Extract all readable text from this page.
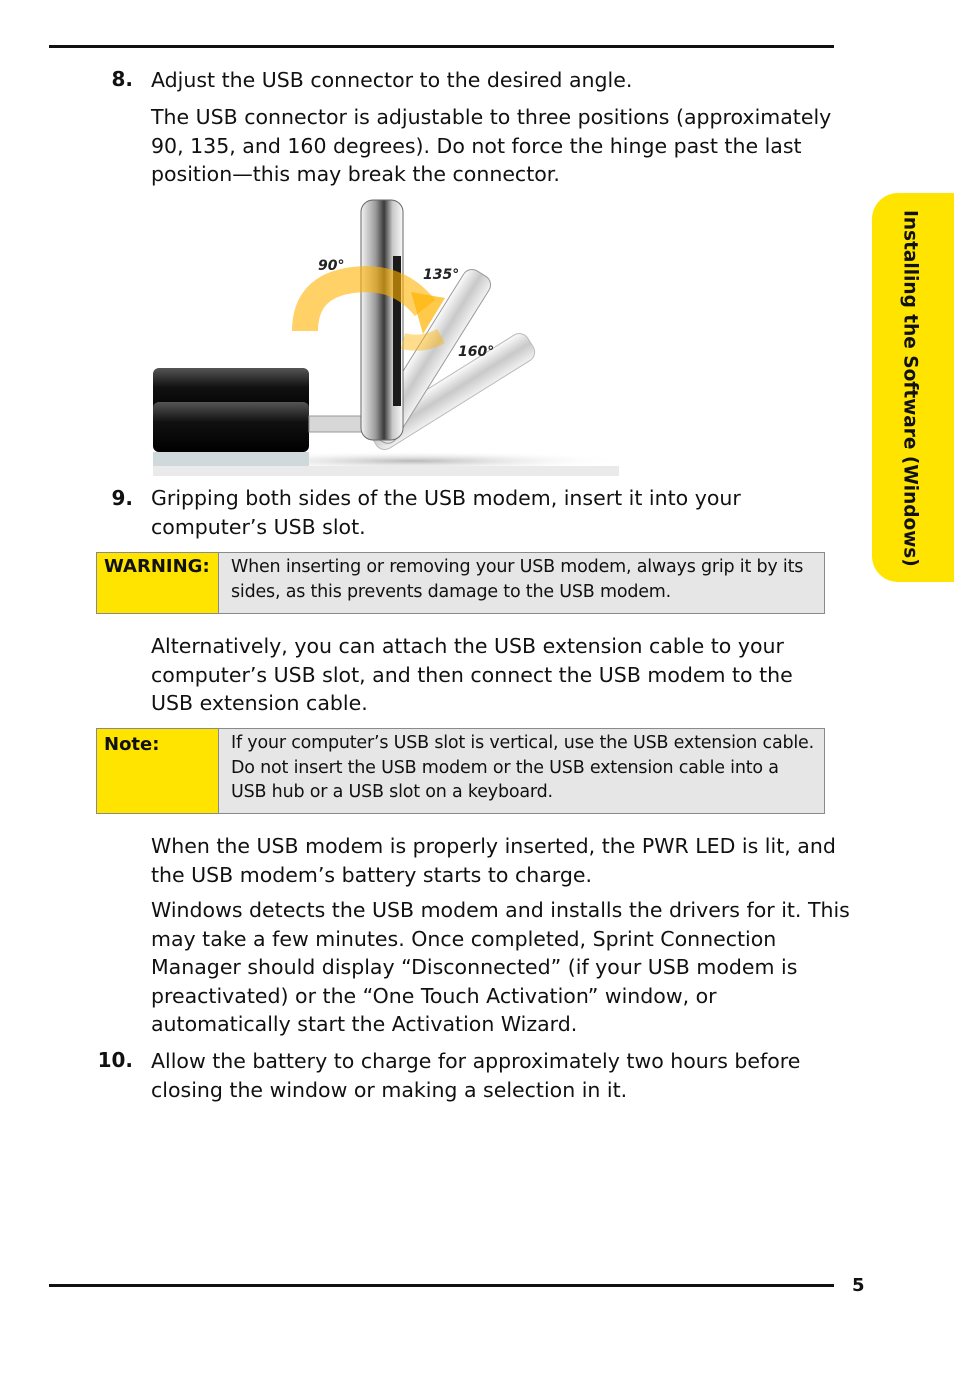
8. Adjust the USB connector to the desired angle.
The USB connector is adjustable to three positions (approximately 90, 135, and 160 degrees). Do not force the hinge past the last position—this may break the connector.
90°
135°
160°
9. Gripping both sides of the USB modem, insert it into your computer’s USB slot.
WARNING:	When inserting or removing your USB modem, always grip it by its sides, as this prevents damage to the USB modem.
Alternatively, you can attach the USB extension cable to your computer’s USB slot, and then connect the USB modem to the USB extension cable.
Note:	If your computer’s USB slot is vertical, use the USB extension cable. Do not insert the USB modem or the USB extension cable into a USB hub or a USB slot on a keyboard.
When the USB modem is properly inserted, the PWR LED is lit, and the USB modem’s battery starts to charge.
Windows detects the USB modem and installs the drivers for it. This may take a few minutes. Once completed, Sprint Connection Manager should display “Disconnected” (if your USB modem is preactivated) or the “One Touch Activation” window, or automatically start the Activation Wizard.
10. Allow the battery to charge for approximately two hours before closing the window or making a selection in it.
Installing the Software (Windows)
5
